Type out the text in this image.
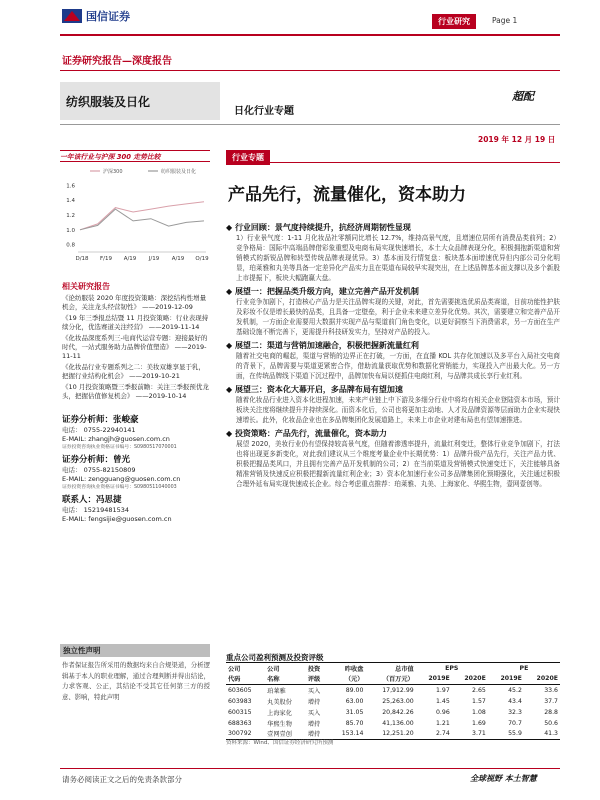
国信证券	行业研究	Page 1
证券研究报告—深度报告
纺织服装及日化
日化行业专题
超配
2019 年 12 月 19 日
一年该行业与沪深 300 走势比较
沪深300	纺织服装及日化
1.6
1.4
1.2
1.0
0.8
D/18 F/19 A/19 J/19 A/19 O/19
相关研究报告
《论纺服装 2020 年度投资策略：深挖结构性增量机会，关注龙头经营韧性》 ——2019-12-09
《19 年三季报总结暨 11 月投资策略：行业表现持续分化，优选赛道关注经营》 ——2019-11-14
《化妆品深度系列三-电商代运营专题：迎接最好的时代，一站式服务助力品牌价值塑造》 ——2019-11-11
《化妆品行业专题系列之二：美妆双雄享显于乳，把握行业结构化机会》 ——2019-10-21
《10 月投资策略暨三季报前瞻：关注三季报预优龙头，把握估值修复机会》 ——2019-10-14
证券分析师：张峻豪
电话： 0755-22940141
E-MAIL: zhangjh@guosen.com.cn
证券投资咨询执业资格证书编号：S0980517070001
证券分析师：曾光
电话： 0755-82150809
E-MAIL: zengguang@guosen.com.cn
证券投资咨询执业资格证书编号：S0980511040003
联系人：冯思捷
电话： 15219481534
E-MAIL: fengsijie@guosen.com.cn
独立性声明
作者保证报告所采用的数据均来自合规渠道，分析逻辑基于本人的职业理解，通过合理判断并得出结论，力求客观、公正，其结论不受其它任何第三方的授意、影响，特此声明
行业专题
产品先行，流量催化，资本助力
◆ 行业回顾：景气度持续提升，抗经济周期韧性显现
1）行业景气度：1-11 月化妆品社零额同比增长 12.7%，维持高景气度，且增速位居所有消费品类前列；2）竞争格局：国际中高端品牌借彩象重塑及电商布局实现快速增长，本土大众品牌表现分化，积极拥抱新渠道和营销模式的新锐品牌和转型传统品牌表现优异。3）基本面及行情复盘：板块基本面增速优异但内部公司分化明显，珀莱雅和丸美等具备一定差异化产品实力且在渠道布局较早实现突出，在上述品牌基本面支撑以及多个新股上市提振下，板块大幅跑赢大盘。
◆ 展望一：把握品类升级方向，建立完善产品开发机制
行业竞争加剧下，打造核心产品力是关注品牌实现的关键，对此，首先需要挑选优质品类赛道，目前功能性护肤及彩妆不仅是增长最快的品类，且具备一定壁垒，利于企业未来建立差异化优势。其次，需要建立和完善产品开发机制，一方面企业需要用大数据并实现产品与渠道前门角色变化，以更好洞察当下消费需求，另一方面在生产基础设施不断完善下，更需提升科技研发实力，坚持对产品的投入。
◆ 展望二：渠道与营销加速融合，积极把握新流量红利
随着社交电商的崛起，渠道与营销的边界正在打破，一方面，在直播 KOL 共存化加速以及多平台入局社交电商的背景下，品牌需要与渠道更紧密合作，借助流量获取优势和数据化营销能力，实现投入产出最大化。另一方面，在传统品牌线下渠道下沉过程中，品牌加快布局以便抓住电商红利，与品牌共成长享行业红利。
◆ 展望三：资本化大幕开启，多品牌布局有望加速
随着化妆品行业进入资本化进程加速，未来产业链上中下游及多细分行业中将均有相关企业登陆资本市场，预计板块关注度将继续提升并持续深化。而资本化后，公司也将更加主动地、人才及品牌资源等层面助力企业实现快速增长。此外，化妆品企业也在多品牌集团化发展道路上，未来上市企业对建布局也有望加速推进。
◆ 投资策略：产品先行，流量催化，资本助力
展望 2020，美妆行业仍有望保持较高景气度，但随着渗透率提升，流量红利变迁，整体行业竞争加剧下，打法也将出现更多新变化，对此我们建议从三个维度考量企业中长期优势：1）品牌升级产品先行，关注产品力优、积极把握品类风口，并且拥有完善产品开发机制的公司；2）在当前渠道及营销模式快速变迁下，关注能够具备精准营销及快速反应积极把握新流量红利企业；3）资本化加速行业公司多品牌集团化预期强化，关注通过积极合理外延布局实现快速成长企业。综合考虑重点推荐：珀莱雅、丸美、上海家化、华熙生物，壹网壹创等。
重点公司盈利预测及投资评级
公司	公司	投资	昨收盘	总市值	EPS		PE	
代码	名称	评级	（元）	（百万元）	2019E	2020E	2019E	2020E
603605	珀莱雅	买入	89.00	17,912.99	1.97	2.65	45.2	33.6
603983	丸美股份	增持	63.00	25,263.00	1.45	1.57	43.4	37.7
600315	上海家化	买入	31.05	20,842.26	0.96	1.08	32.3	28.8
688363	华熙生物	增持	85.70	41,136.00	1.21	1.69	70.7	50.6
300792	壹网壹创	增持	153.14	12,251.20	2.74	3.71	55.9	41.3
资料来源：Wind、国信证券经济研究所预测
请务必阅读正文之后的免责条款部分	全球视野 本土智慧
